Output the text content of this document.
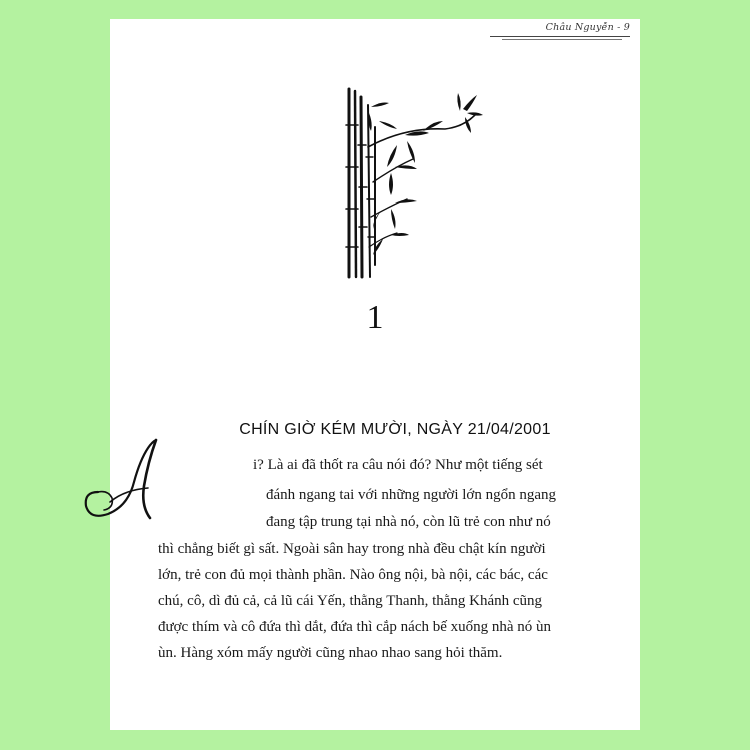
Châu Nguyễn - 9
1
CHÍN GIỜ KÉM MƯỜI, NGÀY 21/04/2001
i? Là ai đã thốt ra câu nói đó? Như một tiếng sét
đánh ngang tai với những người lớn ngổn ngang
đang tập trung tại nhà nó, còn lũ trẻ con như nó
thì chẳng biết gì sất. Ngoài sân hay trong nhà đều chật kín người
lớn, trẻ con đủ mọi thành phần. Nào ông nội, bà nội, các bác, các
chú, cô, dì đủ cả, cả lũ cái Yến, thằng Thanh, thằng Khánh cũng
được thím và cô đứa thì dắt, đứa thì cắp nách bế xuống nhà nó ùn
ùn. Hàng xóm mấy người cũng nhao nhao sang hỏi thăm.
